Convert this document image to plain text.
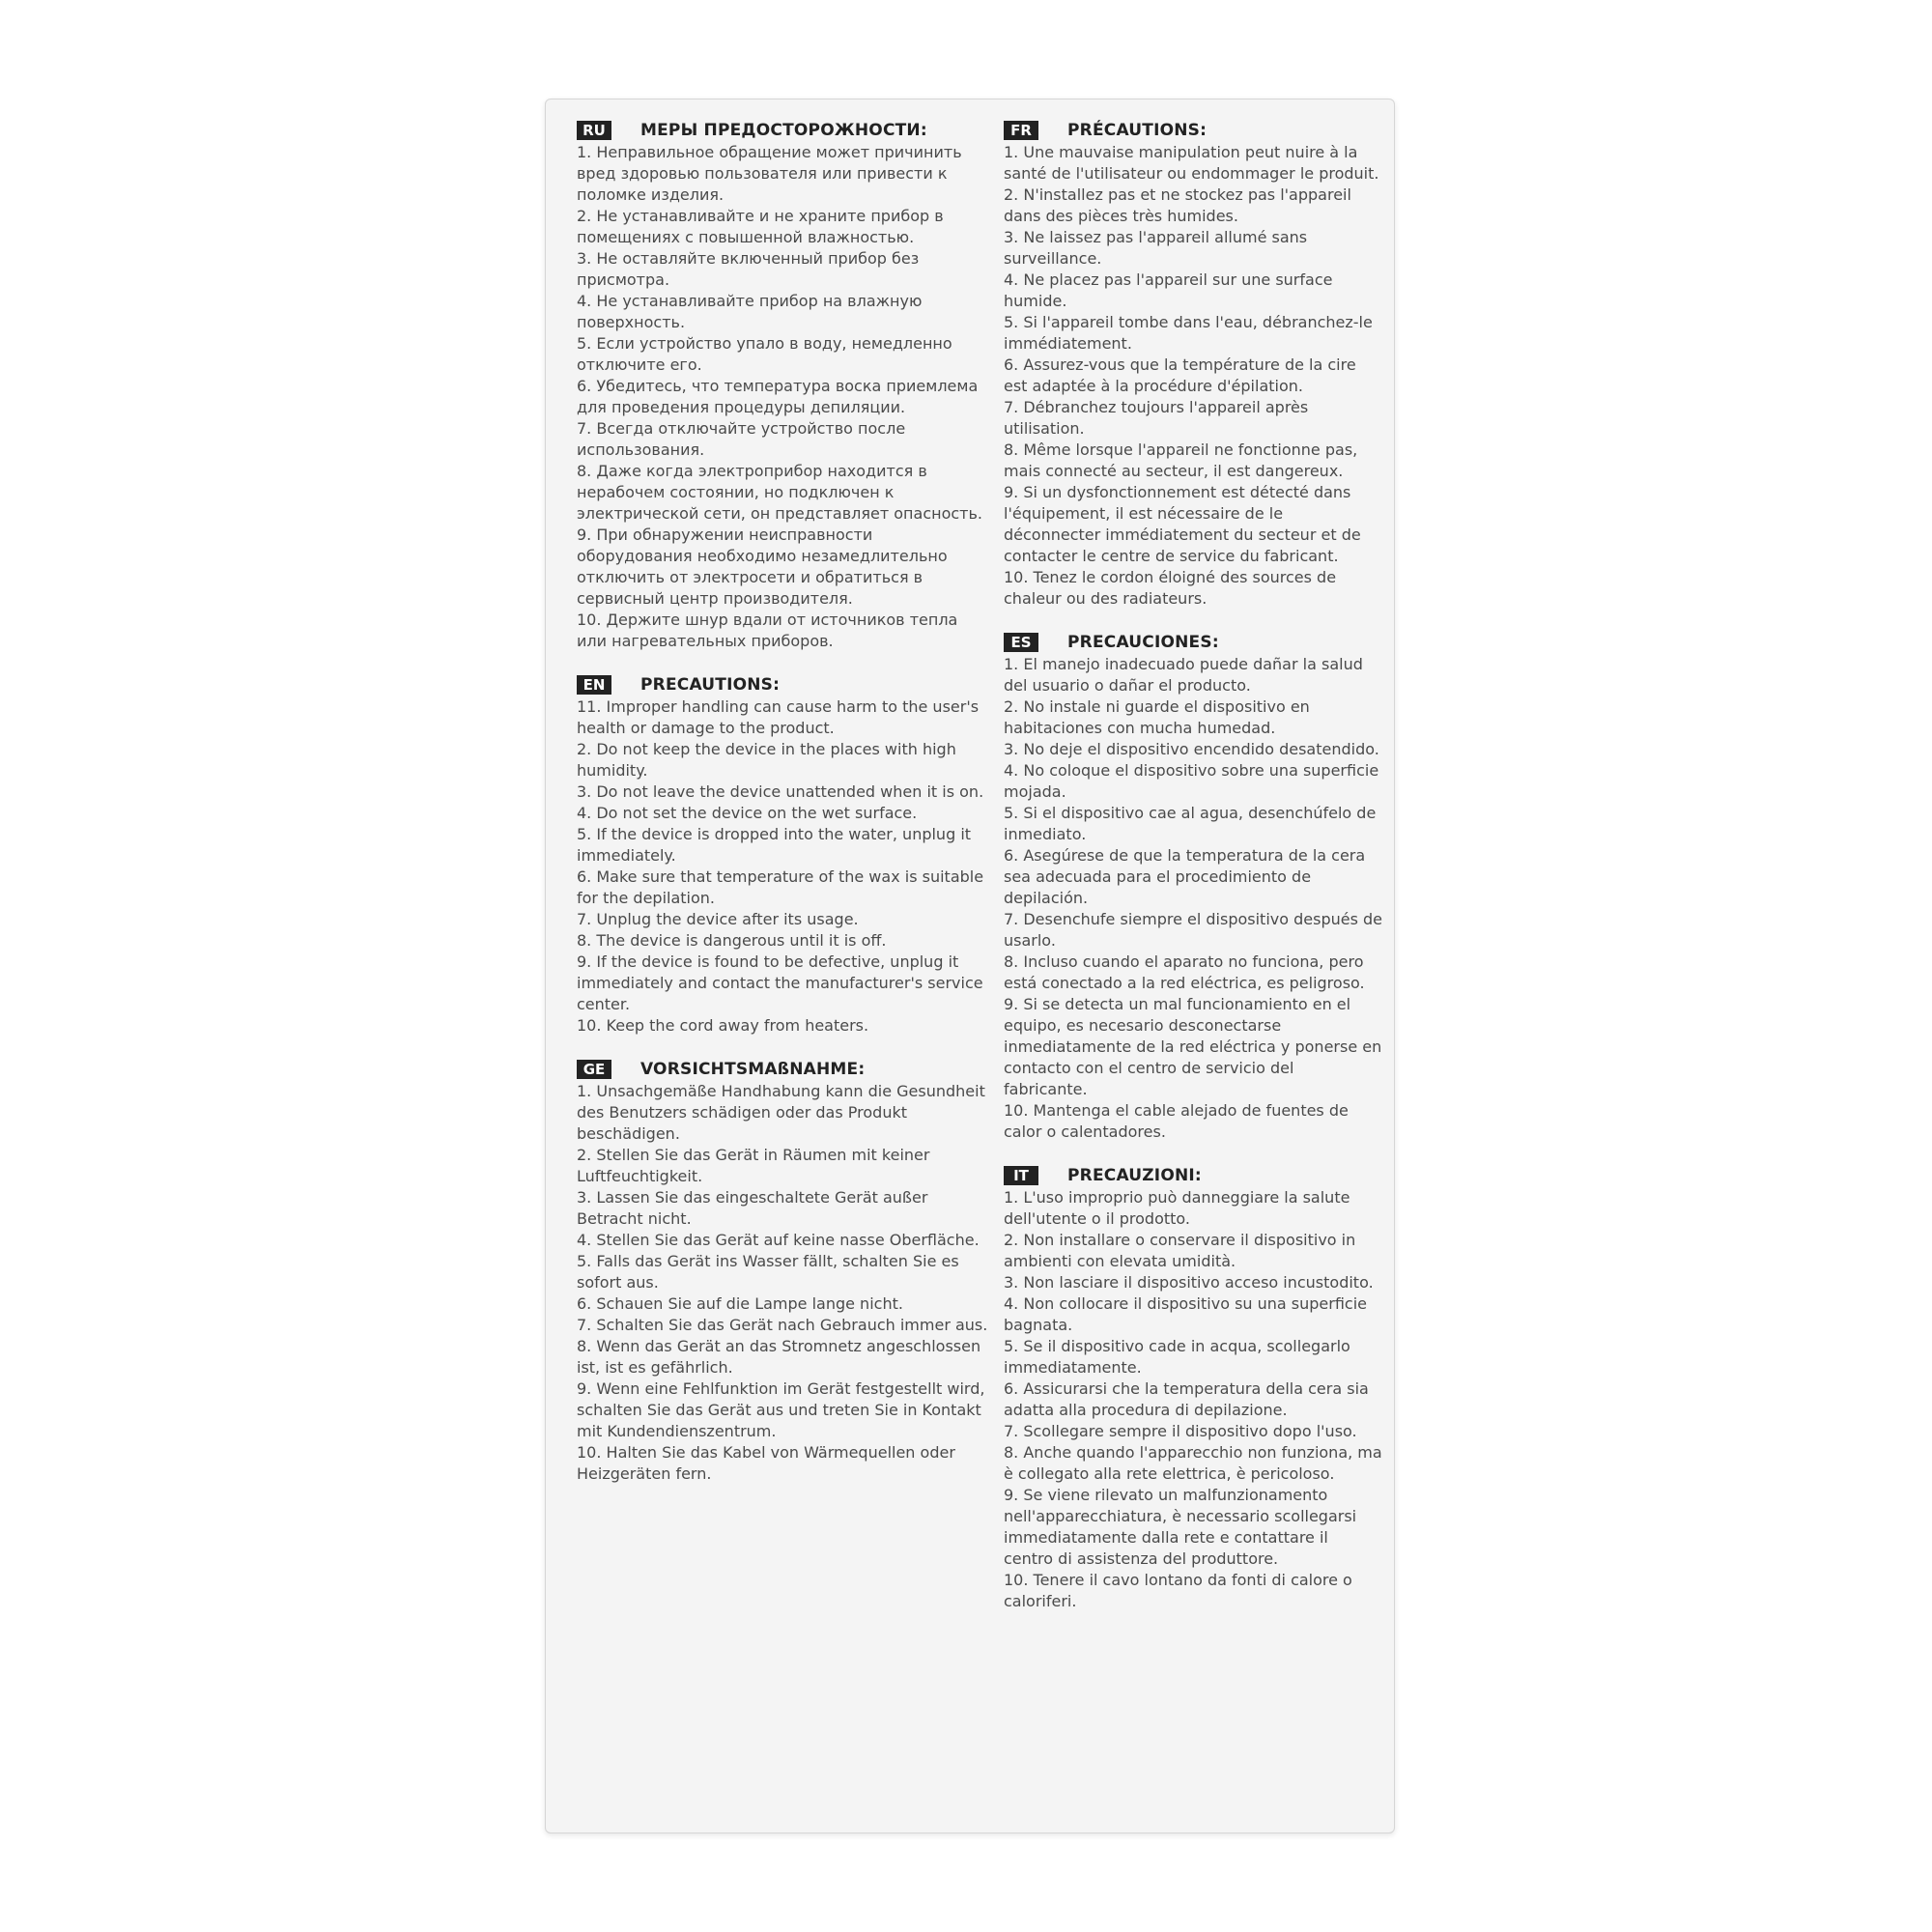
RU	МЕРЫ ПРЕДОСТОРОЖНОСТИ:
1. Неправильное обращение может причинить вред здоровью пользователя или привести к поломке изделия.
2. Не устанавливайте и не храните прибор в помещениях с повышенной влажностью.
3. Не оставляйте включенный прибор без присмотра.
4. Не устанавливайте прибор на влажную поверхность.
5. Если устройство упало в воду, немедленно отключите его.
6. Убедитесь, что температура воска приемлема для проведения процедуры депиляции.
7. Всегда отключайте устройство после использования.
8. Даже когда электроприбор находится в нерабочем состоянии, но подключен к электрической сети, он представляет опасность.
9. При обнаружении неисправности оборудования необходимо незамедлительно отключить от электросети и обратиться в сервисный центр производителя.
10. Держите шнур вдали от источников тепла или нагревательных приборов.
EN	PRECAUTIONS:
11. Improper handling can cause harm to the user's health or damage to the product.
2. Do not keep the device in the places with high humidity.
3. Do not leave the device unattended when it is on.
4. Do not set the device on the wet surface.
5. If the device is dropped into the water, unplug it immediately.
6. Make sure that temperature of the wax is suitable for the depilation.
7. Unplug the device after its usage.
8. The device is dangerous until it is off.
9. If the device is found to be defective, unplug it immediately and contact the manufacturer's service center.
10. Keep the cord away from heaters.
GE	VORSICHTSMAßNAHME:
1. Unsachgemäße Handhabung kann die Gesundheit des Benutzers schädigen oder das Produkt beschädigen.
2. Stellen Sie das Gerät in Räumen mit keiner Luftfeuchtigkeit.
3. Lassen Sie das eingeschaltete Gerät außer Betracht nicht.
4. Stellen Sie das Gerät auf keine nasse Oberfläche.
5. Falls das Gerät ins Wasser fällt, schalten Sie es sofort aus.
6. Schauen Sie auf die Lampe lange nicht.
7. Schalten Sie das Gerät nach Gebrauch immer aus.
8. Wenn das Gerät an das Stromnetz angeschlossen ist, ist es gefährlich.
9. Wenn eine Fehlfunktion im Gerät festgestellt wird, schalten Sie das Gerät aus und treten Sie in Kontakt mit Kundendienszentrum.
10. Halten Sie das Kabel von Wärmequellen oder Heizgeräten fern.
FR	PRÉCAUTIONS:
1. Une mauvaise manipulation peut nuire à la santé de l'utilisateur ou endommager le produit.
2. N'installez pas et ne stockez pas l'appareil dans des pièces très humides.
3. Ne laissez pas l'appareil allumé sans surveillance.
4. Ne placez pas l'appareil sur une surface humide.
5. Si l'appareil tombe dans l'eau, débranchez-le immédiatement.
6. Assurez-vous que la température de la cire est adaptée à la procédure d'épilation.
7. Débranchez toujours l'appareil après utilisation.
8. Même lorsque l'appareil ne fonctionne pas, mais connecté au secteur, il est dangereux.
9. Si un dysfonctionnement est détecté dans l'équipement, il est nécessaire de le déconnecter immédiatement du secteur et de contacter le centre de service du fabricant.
10. Tenez le cordon éloigné des sources de chaleur ou des radiateurs.
ES	PRECAUCIONES:
1. El manejo inadecuado puede dañar la salud del usuario o dañar el producto.
2. No instale ni guarde el dispositivo en habitaciones con mucha humedad.
3. No deje el dispositivo encendido desatendido.
4. No coloque el dispositivo sobre una superficie mojada.
5. Si el dispositivo cae al agua, desenchúfelo de inmediato.
6. Asegúrese de que la temperatura de la cera sea adecuada para el procedimiento de depilación.
7. Desenchufe siempre el dispositivo después de usarlo.
8. Incluso cuando el aparato no funciona, pero está conectado a la red eléctrica, es peligroso.
9. Si se detecta un mal funcionamiento en el equipo, es necesario desconectarse inmediatamente de la red eléctrica y ponerse en contacto con el centro de servicio del fabricante.
10. Mantenga el cable alejado de fuentes de calor o calentadores.
IT	PRECAUZIONI:
1. L'uso improprio può danneggiare la salute dell'utente o il prodotto.
2. Non installare o conservare il dispositivo in ambienti con elevata umidità.
3. Non lasciare il dispositivo acceso incustodito.
4. Non collocare il dispositivo su una superficie bagnata.
5. Se il dispositivo cade in acqua, scollegarlo immediatamente.
6. Assicurarsi che la temperatura della cera sia adatta alla procedura di depilazione.
7. Scollegare sempre il dispositivo dopo l'uso.
8. Anche quando l'apparecchio non funziona, ma è collegato alla rete elettrica, è pericoloso.
9. Se viene rilevato un malfunzionamento nell'apparecchiatura, è necessario scollegarsi immediatamente dalla rete e contattare il centro di assistenza del produttore.
10. Tenere il cavo lontano da fonti di calore o caloriferi.
